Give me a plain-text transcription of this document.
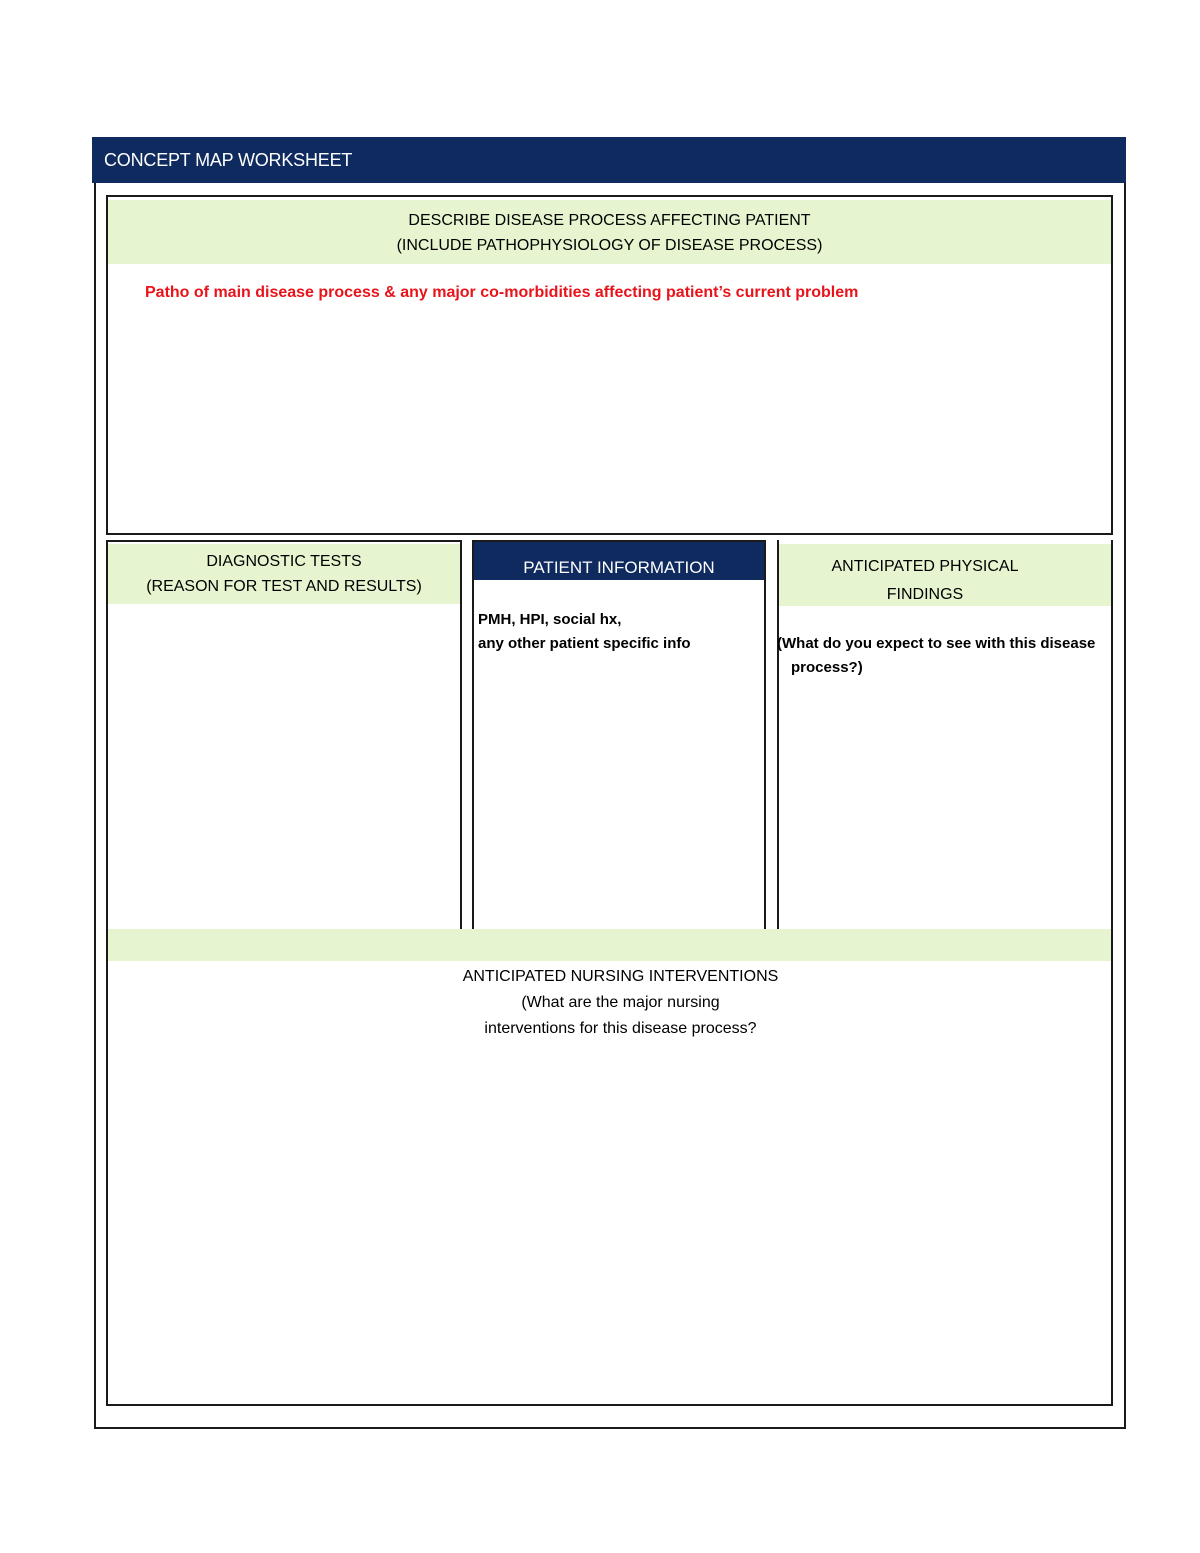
CONCEPT MAP WORKSHEET
DESCRIBE DISEASE PROCESS AFFECTING PATIENT
(INCLUDE PATHOPHYSIOLOGY OF DISEASE PROCESS)
Patho of main disease process & any major co-morbidities affecting patient’s current problem
DIAGNOSTIC TESTS
(REASON FOR TEST AND RESULTS)
PATIENT INFORMATION
PMH, HPI, social hx,
any other patient specific info
ANTICIPATED PHYSICAL
FINDINGS
(What do you expect to see with this disease
process?)
ANTICIPATED NURSING INTERVENTIONS
(What are the major nursing
interventions for this disease process?
